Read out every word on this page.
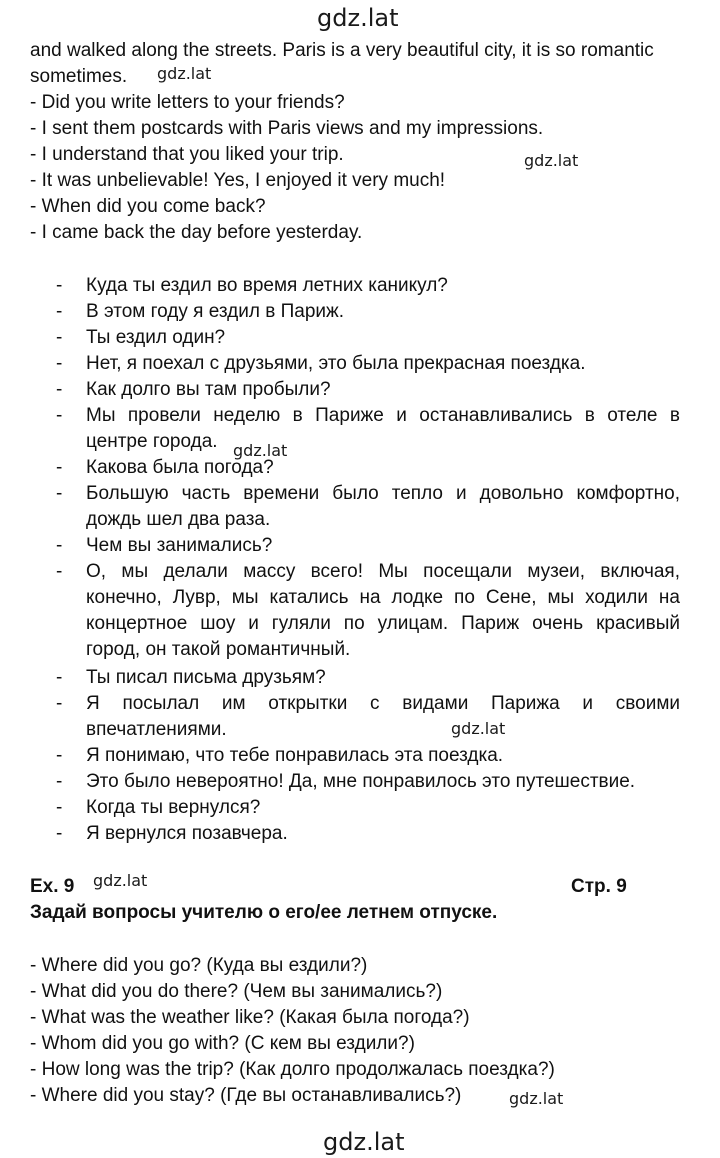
gdz.lat
gdz.lat
gdz.lat
gdz.lat
gdz.lat
gdz.lat
gdz.lat
gdz.lat
and walked along the streets. Paris is a very beautiful city, it is so romantic
sometimes.
- Did you write letters to your friends?
- I sent them postcards with Paris views and my impressions.
- I understand that you liked your trip.
- It was unbelievable! Yes, I enjoyed it very much!
- When did you come back?
- I came back the day before yesterday.
-
-
-
-
-
-
-
-
-
-
-
-
-
-
-
-
Куда ты ездил во время летних каникул?
В этом году я ездил в Париж.
Ты ездил один?
Нет, я поехал с друзьями, это была прекрасная поездка.
Как долго вы там пробыли?
Мы провели неделю в Париже и останавливались в отеле в
центре города.
Какова была погода?
Большую часть времени было тепло и довольно комфортно,
дождь шел два раза.
Чем вы занимались?
О, мы делали массу всего! Мы посещали музеи, включая,
конечно, Лувр, мы катались на лодке по Сене, мы ходили на
концертное шоу и гуляли по улицам. Париж очень красивый
город, он такой романтичный.
Ты писал письма друзьям?
Я посылал им открытки с видами Парижа и своими
впечатлениями.
Я понимаю, что тебе понравилась эта поездка.
Это было невероятно! Да, мне понравилось это путешествие.
Когда ты вернулся?
Я вернулся позавчера.
Ex. 9	Стр. 9
Задай вопросы учителю о его/ее летнем отпуске.
- Where did you go? (Куда вы ездили?)
- What did you do there? (Чем вы занимались?)
- What was the weather like? (Какая была погода?)
- Whom did you go with? (С кем вы ездили?)
- How long was the trip? (Как долго продолжалась поездка?)
- Where did you stay? (Где вы останавливались?)
